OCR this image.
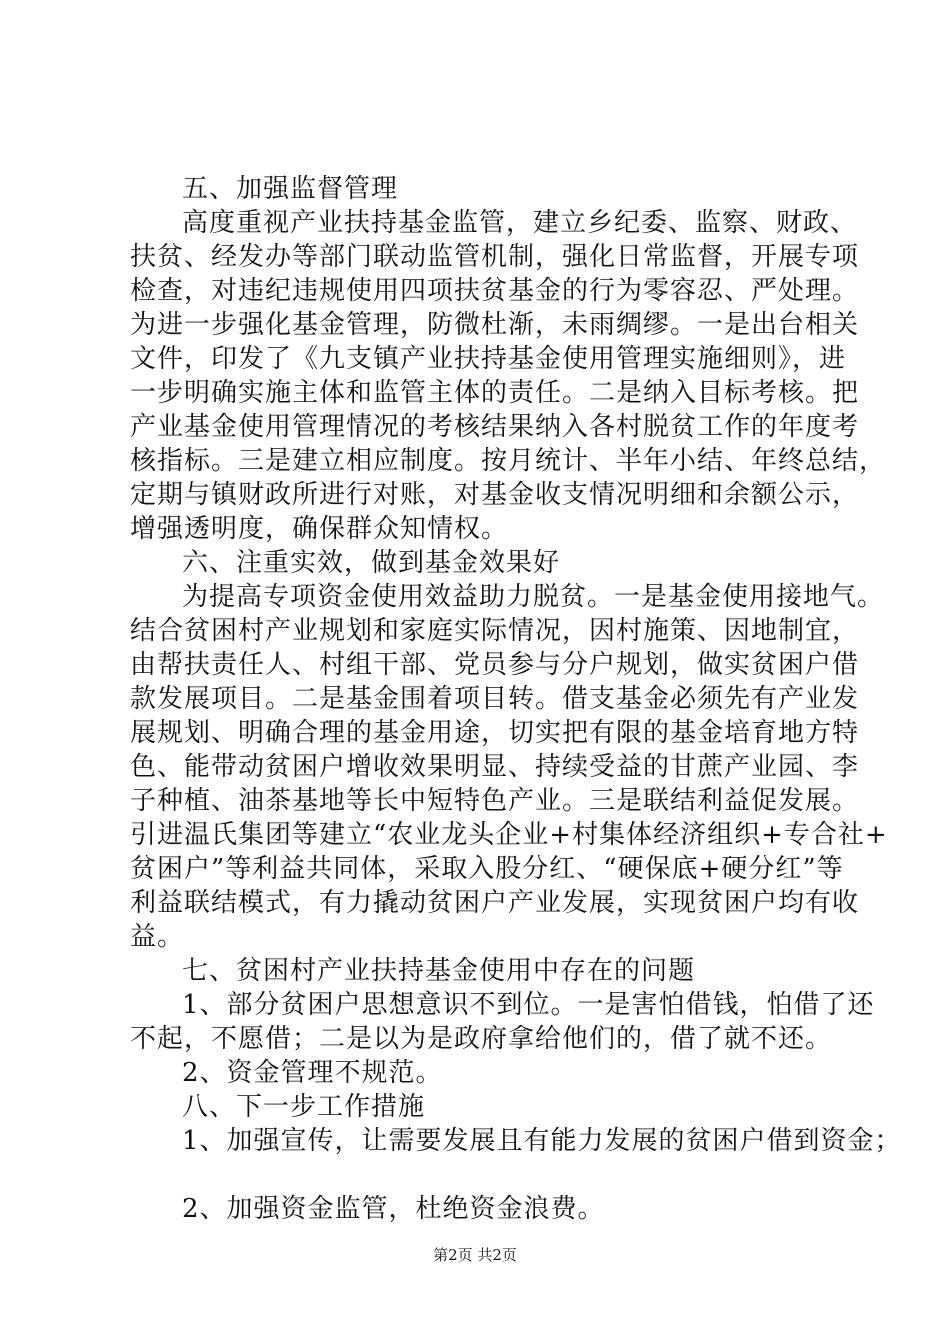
五、加强监督管理
高度重视产业扶持基金监管，建立乡纪委、监察、财政、
扶贫、经发办等部门联动监管机制，强化日常监督，开展专项
检查，对违纪违规使用四项扶贫基金的行为零容忍、严处理。
为进一步强化基金管理，防微杜渐，未雨绸缪。一是出台相关
文件，印发了《九支镇产业扶持基金使用管理实施细则》，进
一步明确实施主体和监管主体的责任。二是纳入目标考核。把
产业基金使用管理情况的考核结果纳入各村脱贫工作的年度考
核指标。三是建立相应制度。按月统计、半年小结、年终总结，
定期与镇财政所进行对账，对基金收支情况明细和余额公示，
增强透明度，确保群众知情权。
六、注重实效，做到基金效果好
为提高专项资金使用效益助力脱贫。一是基金使用接地气。
结合贫困村产业规划和家庭实际情况，因村施策、因地制宜，
由帮扶责任人、村组干部、党员参与分户规划，做实贫困户借
款发展项目。二是基金围着项目转。借支基金必须先有产业发
展规划、明确合理的基金用途，切实把有限的基金培育地方特
色、能带动贫困户增收效果明显、持续受益的甘蔗产业园、李
子种植、油茶基地等长中短特色产业。三是联结利益促发展。
引进温氏集团等建立“农业龙头企业+村集体经济组织+专合社+
贫困户”等利益共同体，采取入股分红、“硬保底+硬分红”等
利益联结模式，有力撬动贫困户产业发展，实现贫困户均有收
益。
七、贫困村产业扶持基金使用中存在的问题
1、部分贫困户思想意识不到位。一是害怕借钱，怕借了还
不起，不愿借；二是以为是政府拿给他们的，借了就不还。
2、资金管理不规范。
八、下一步工作措施
1、加强宣传，让需要发展且有能力发展的贫困户借到资金；
2、加强资金监管，杜绝资金浪费。
第2页 共2页
